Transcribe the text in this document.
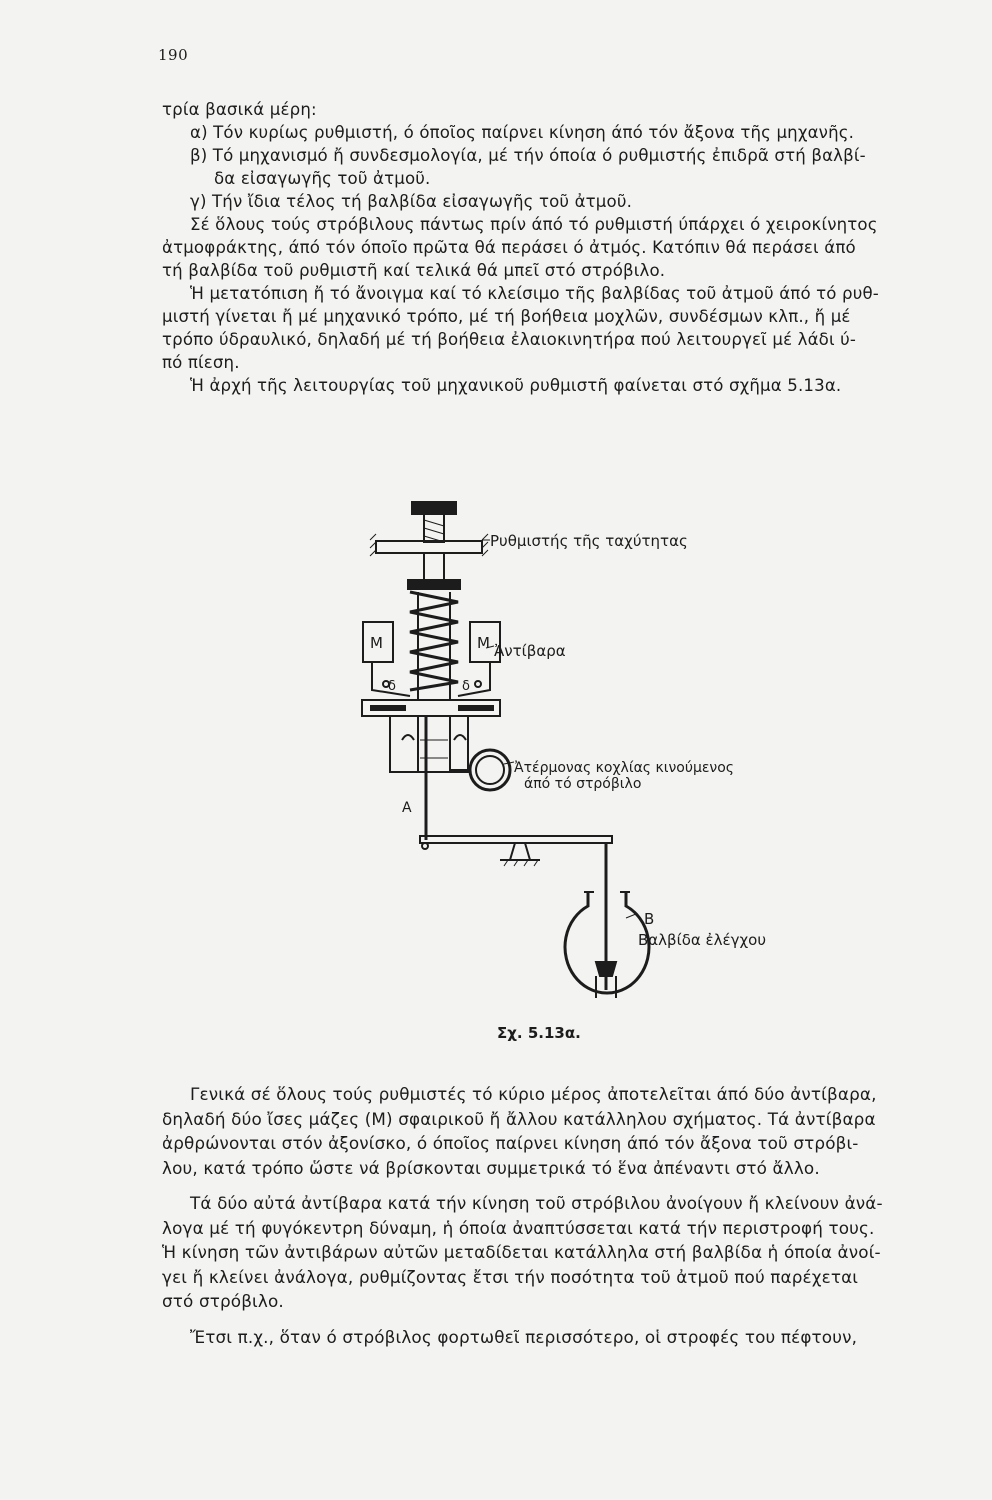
190
τρία βασικά μέρη:
α) Τόν κυρίως ρυθμιστή, ό όποῖος παίρνει κίνηση άπό τόν ἄξονα τῆς μηχανῆς.
β) Τό μηχανισμό ἤ συνδεσμολογία, μέ τήν όποία ό ρυθμιστής ἐπιδρᾶ στή βαλβί-
δα εἰσαγωγῆς τοῦ ἀτμοῦ.
γ) Τήν ἴδια τέλος τή βαλβίδα εἰσαγωγῆς τοῦ ἀτμοῦ.
Σέ ὅλους τούς στρόβιλους πάντως πρίν άπό τό ρυθμιστή ύπάρχει ό χειροκίνητος
ἀτμοφράκτης, άπό τόν όποῖο πρῶτα θά περάσει ό ἀτμός. Κατόπιν θά περάσει άπό
τή βαλβίδα τοῦ ρυθμιστῆ καί τελικά θά μπεῖ στό στρόβιλο.
Ἡ μετατόπιση ἤ τό ἄνοιγμα καί τό κλείσιμο τῆς βαλβίδας τοῦ ἀτμοῦ άπό τό ρυθ-
μιστή γίνεται ἤ μέ μηχανικό τρόπο, μέ τή βοήθεια μοχλῶν, συνδέσμων κλπ., ἤ μέ
τρόπο ύδραυλικό, δηλαδή μέ τή βοήθεια ἐλαιοκινητήρα πού λειτουργεῖ μέ λάδι ύ-
πό πίεση.
Ἡ ἀρχή τῆς λειτουργίας τοῦ μηχανικοῦ ρυθμιστῆ φαίνεται στό σχῆμα 5.13α.
Ρυθμιστής τῆς ταχύτητας
Ἀντίβαρα
Ἀτέρμονας κοχλίας κινούμενος
άπό τό στρόβιλο
B
Βαλβίδα ἐλέγχου
M	M
δ	δ
A
Σχ. 5.13α.
Γενικά σέ ὅλους τούς ρυθμιστές τό κύριο μέρος ἀποτελεῖται άπό δύο ἀντίβαρα,
δηλαδή δύο ἴσες μάζες (Μ) σφαιρικοῦ ἤ ἄλλου κατάλληλου σχήματος. Τά ἀντίβαρα
ἀρθρώνονται στόν ἀξονίσκο, ό όποῖος παίρνει κίνηση άπό τόν ἄξονα τοῦ στρόβι-
λου, κατά τρόπο ὥστε νά βρίσκονται συμμετρικά τό ἕνα ἀπέναντι στό ἄλλο.
Τά δύο αὐτά ἀντίβαρα κατά τήν κίνηση τοῦ στρόβιλου ἀνοίγουν ἤ κλείνουν ἀνά-
λογα μέ τή φυγόκεντρη δύναμη, ἡ όποία ἀναπτύσσεται κατά τήν περιστροφή τους.
Ἡ κίνηση τῶν ἀντιβάρων αὐτῶν μεταδίδεται κατάλληλα στή βαλβίδα ἡ όποία ἀνοί-
γει ἤ κλείνει ἀνάλογα, ρυθμίζοντας ἔτσι τήν ποσότητα τοῦ ἀτμοῦ πού παρέχεται
στό στρόβιλο.
Ἔτσι π.χ., ὅταν ό στρόβιλος φορτωθεῖ περισσότερο, οἱ στροφές του πέφτουν,
